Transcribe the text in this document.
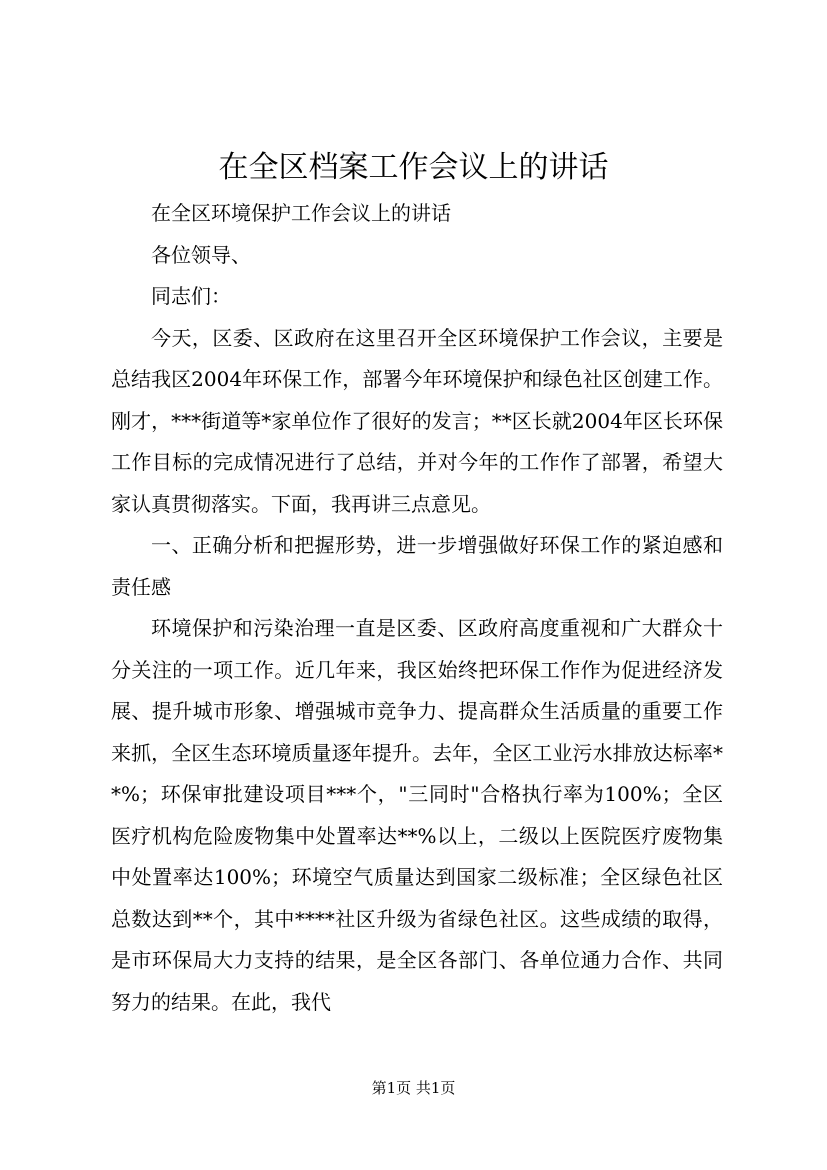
在全区档案工作会议上的讲话

在全区环境保护工作会议上的讲话

各位领导、

同志们：

今天，区委、区政府在这里召开全区环境保护工作会议，主要是总结我区2004年环保工作，部署今年环境保护和绿色社区创建工作。刚才，***街道等*家单位作了很好的发言；**区长就2004年区长环保工作目标的完成情况进行了总结，并对今年的工作作了部署，希望大家认真贯彻落实。下面，我再讲三点意见。

一、正确分析和把握形势，进一步增强做好环保工作的紧迫感和责任感

环境保护和污染治理一直是区委、区政府高度重视和广大群众十分关注的一项工作。近几年来，我区始终把环保工作作为促进经济发展、提升城市形象、增强城市竞争力、提高群众生活质量的重要工作来抓，全区生态环境质量逐年提升。去年，全区工业污水排放达标率**%；环保审批建设项目***个，"三同时"合格执行率为100%；全区医疗机构危险废物集中处置率达**%以上，二级以上医院医疗废物集中处置率达100%；环境空气质量达到国家二级标准；全区绿色社区总数达到**个，其中****社区升级为省绿色社区。这些成绩的取得，是市环保局大力支持的结果，是全区各部门、各单位通力合作、共同努力的结果。在此，我代

第1页 共1页
